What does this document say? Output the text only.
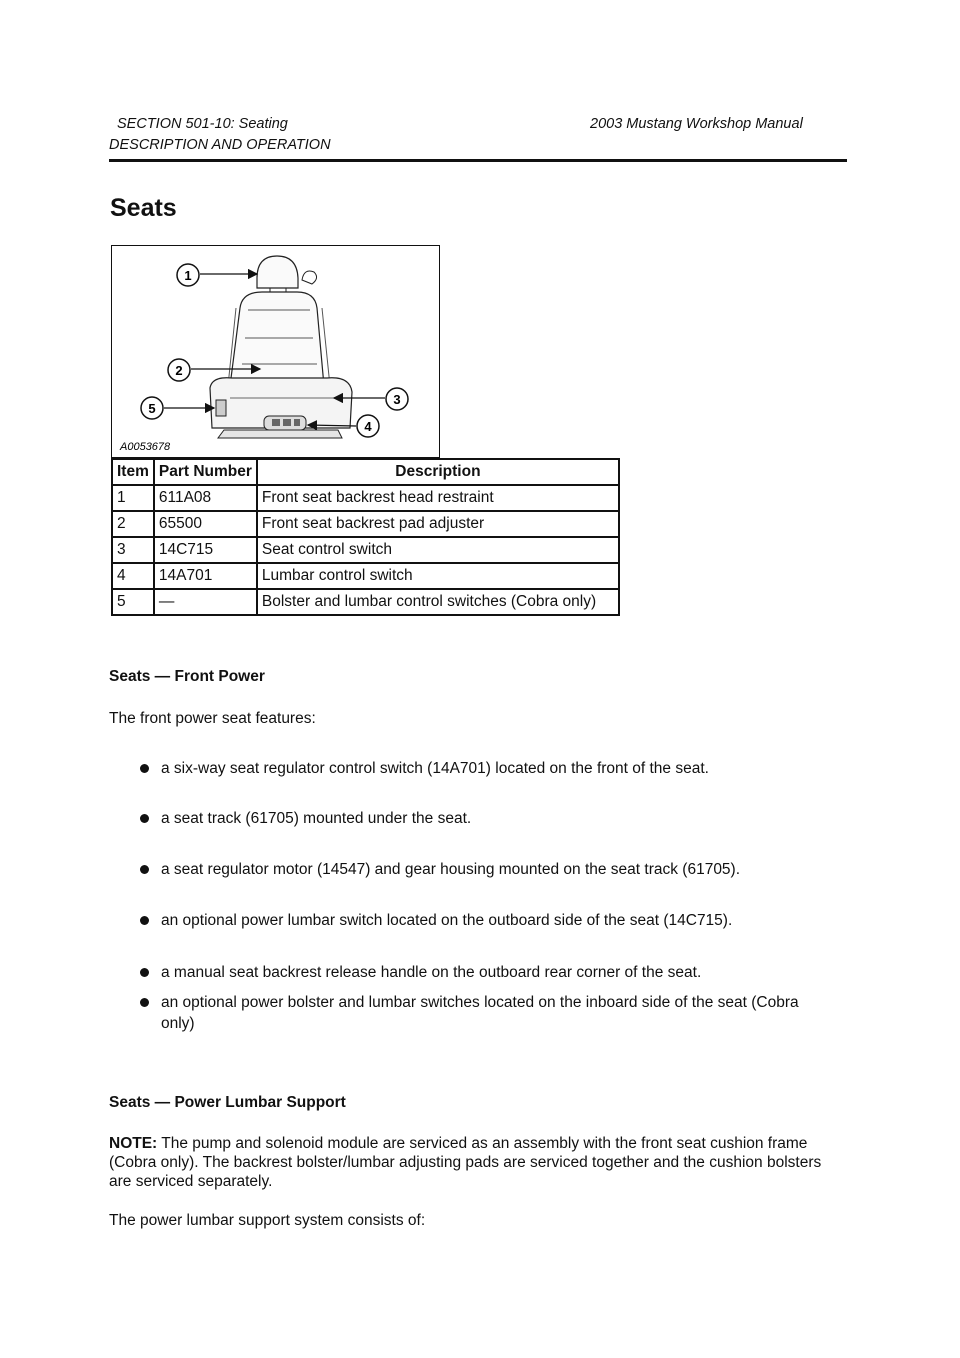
SECTION 501-10: Seating	2003 Mustang Workshop Manual
DESCRIPTION AND OPERATION
Seats
1
2
3
4
5
A0053678
Item	Part Number	Description
1	611A08	Front seat backrest head restraint
2	65500	Front seat backrest pad adjuster
3	14C715	Seat control switch
4	14A701	Lumbar control switch
5	—	Bolster and lumbar control switches (Cobra only)
Seats — Front Power
The front power seat features:
a six-way seat regulator control switch (14A701) located on the front of the seat.
a seat track (61705) mounted under the seat.
a seat regulator motor (14547) and gear housing mounted on the seat track (61705).
an optional power lumbar switch located on the outboard side of the seat (14C715).
a manual seat backrest release handle on the outboard rear corner of the seat.
an optional power bolster and lumbar switches located on the inboard side of the seat (Cobra only)
Seats — Power Lumbar Support
NOTE: The pump and solenoid module are serviced as an assembly with the front seat cushion frame (Cobra only). The backrest bolster/lumbar adjusting pads are serviced together and the cushion bolsters are serviced separately.
The power lumbar support system consists of:
